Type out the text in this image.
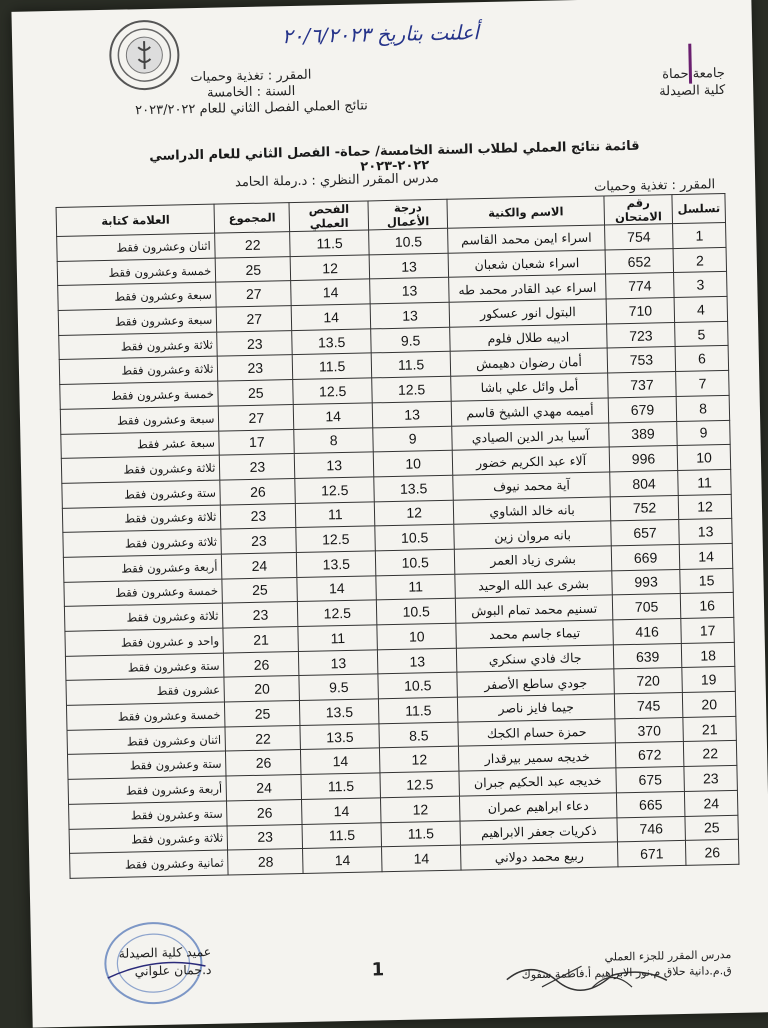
أعلنت بتاريخ ٢٠/٦/٢٠٢٣
المقرر : تغذية وحميات
السنة : الخامسة
نتائج العملي الفصل الثاني للعام ٢٠٢٣/٢٠٢٢
جامعة حماة
كلية الصيدلة
قائمة نتائج العملي لطلاب السنة الخامسة/ حماة- الفصل الثاني للعام الدراسي ٢٠٢٢-٢٠٢٣
مدرس المقرر النظري : د.رملة الحامد	المقرر : تغذية وحميات
تسلسل	رقم الامتحان	الاسم والكنية	درجة الأعمال	الفحص العملي	المجموع	العلامة كتابة
1	754	اسراء ايمن محمد القاسم	10.5	11.5	22	اثنان وعشرون فقط
2	652	اسراء شعبان شعبان	13	12	25	خمسة وعشرون فقط
3	774	اسراء عبد القادر محمد طه	13	14	27	سبعة وعشرون فقط
4	710	البتول انور عسكور	13	14	27	سبعة وعشرون فقط
5	723	اديبه طلال فلوم	9.5	13.5	23	ثلاثة وعشرون فقط
6	753	أمان رضوان دهيمش	11.5	11.5	23	ثلاثة وعشرون فقط
7	737	أمل وائل علي باشا	12.5	12.5	25	خمسة وعشرون فقط
8	679	أميمه مهدي الشيخ قاسم	13	14	27	سبعة وعشرون فقط
9	389	آسيا بدر الدين الصيادي	9	8	17	سبعة عشر فقط
10	996	آلاء عبد الكريم خضور	10	13	23	ثلاثة وعشرون فقط
11	804	آية محمد نيوف	13.5	12.5	26	ستة وعشرون فقط
12	752	بانه خالد الشاوي	12	11	23	ثلاثة وعشرون فقط
13	657	بانه مروان زين	10.5	12.5	23	ثلاثة وعشرون فقط
14	669	بشرى زياد العمر	10.5	13.5	24	أربعة وعشرون فقط
15	993	بشرى عبد الله الوحيد	11	14	25	خمسة وعشرون فقط
16	705	تسنيم محمد تمام البوش	10.5	12.5	23	ثلاثة وعشرون فقط
17	416	تيماء جاسم محمد	10	11	21	واحد و عشرون فقط
18	639	جاك فادي سنكري	13	13	26	ستة وعشرون فقط
19	720	جودي ساطع الأصفر	10.5	9.5	20	عشرون فقط
20	745	جيما فايز ناصر	11.5	13.5	25	خمسة وعشرون فقط
21	370	حمزة حسام الكجك	8.5	13.5	22	اثنان وعشرون فقط
22	672	خديجه سمير بيرقدار	12	14	26	ستة وعشرون فقط
23	675	خديجه عبد الحكيم جبران	12.5	11.5	24	أربعة وعشرون فقط
24	665	دعاء ابراهيم عمران	12	14	26	ستة وعشرون فقط
25	746	ذكريات جعفر الابراهيم	11.5	11.5	23	ثلاثة وعشرون فقط
26	671	ربيع محمد دولاني	14	14	28	ثمانية وعشرون فقط
1
عميد كلية الصيدلة
د.جمان علواني
مدرس المقرر للجزء العملي
ق.م.دانية حلاق م.نور الابراهيم أ.فاطمة سفوك
